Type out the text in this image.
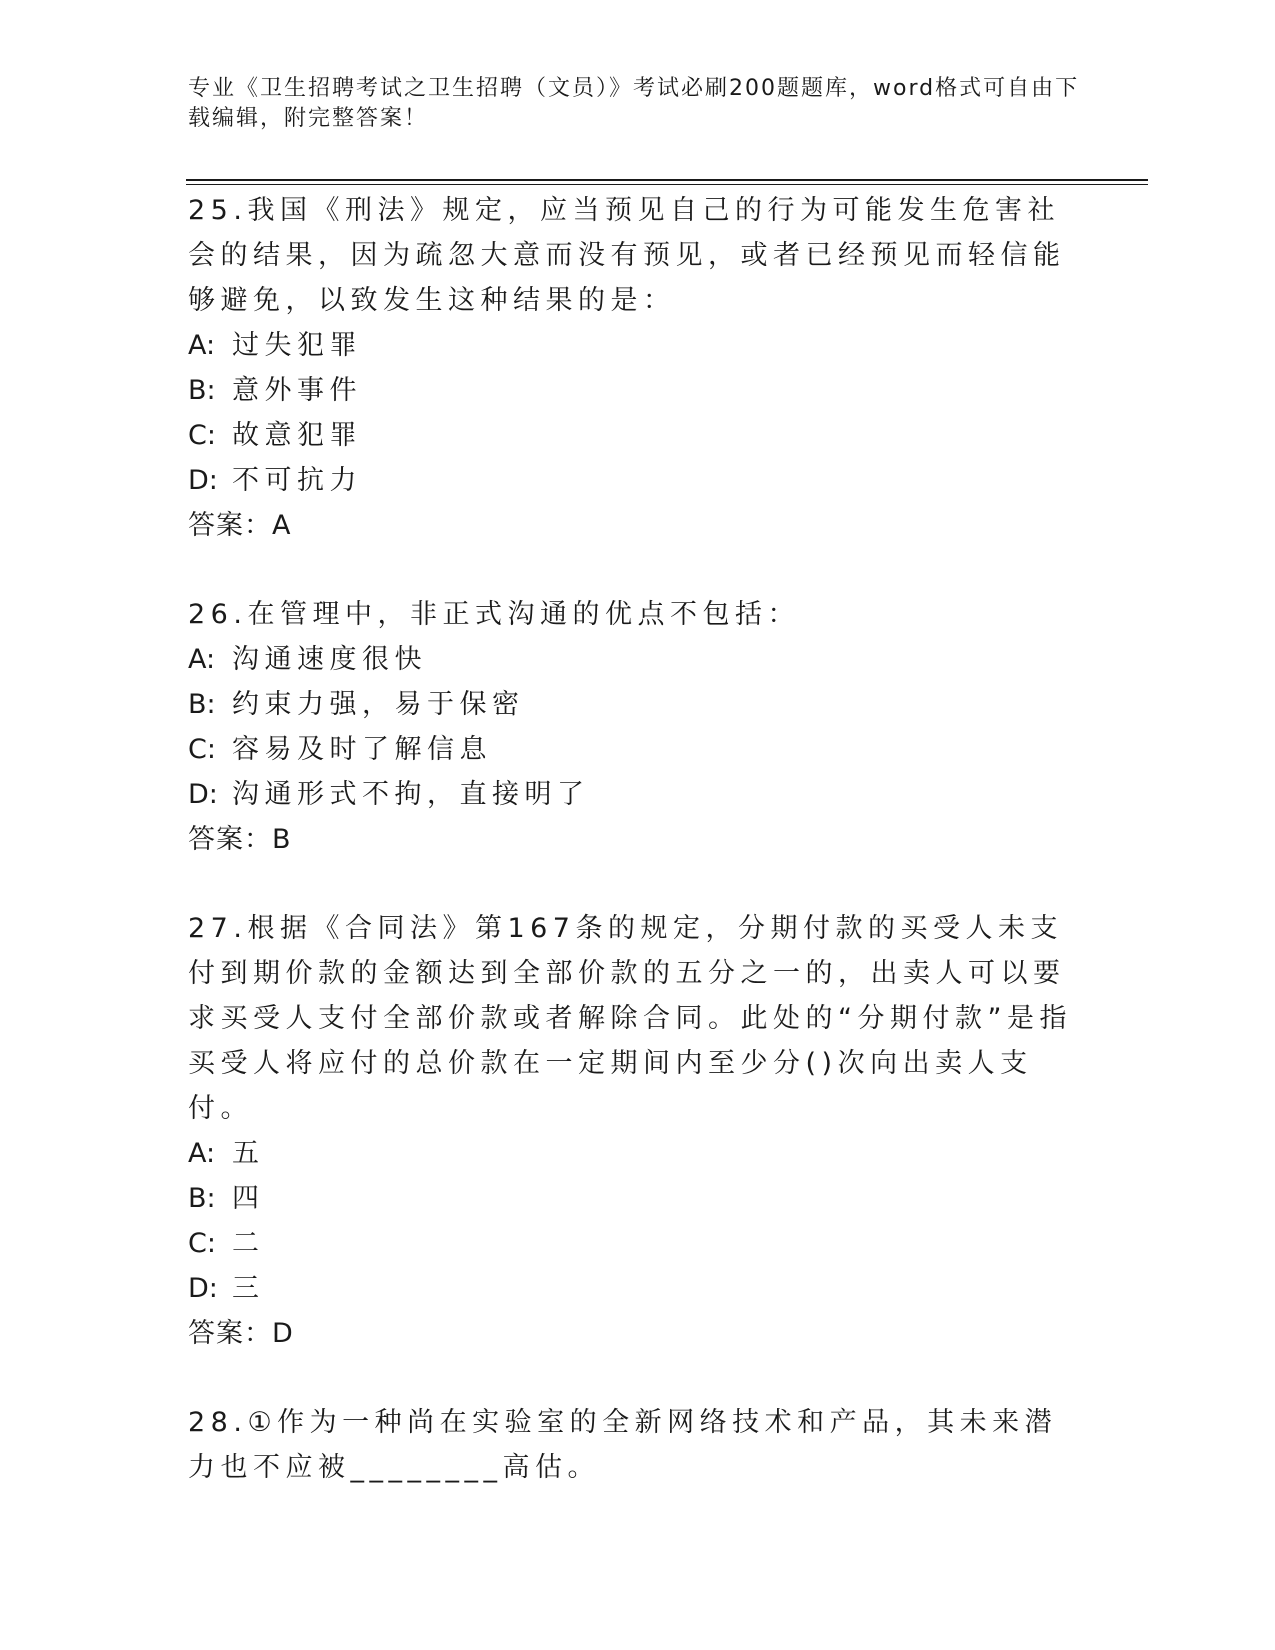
专业《卫生招聘考试之卫生招聘（文员）》考试必刷200题题库，word格式可自由下载编辑，附完整答案！

25.我国《刑法》规定，应当预见自己的行为可能发生危害社会的结果，因为疏忽大意而没有预见，或者已经预见而轻信能够避免，以致发生这种结果的是：

A: 过失犯罪
B: 意外事件
C: 故意犯罪
D: 不可抗力
答案：A

26.在管理中，非正式沟通的优点不包括：

A: 沟通速度很快
B: 约束力强，易于保密
C: 容易及时了解信息
D: 沟通形式不拘，直接明了
答案：B

27.根据《合同法》第167条的规定，分期付款的买受人未支付到期价款的金额达到全部价款的五分之一的，出卖人可以要求买受人支付全部价款或者解除合同。此处的“分期付款”是指买受人将应付的总价款在一定期间内至少分()次向出卖人支付。

A: 五
B: 四
C: 二
D: 三
答案：D

28.①作为一种尚在实验室的全新网络技术和产品，其未来潜力也不应被________高估。
